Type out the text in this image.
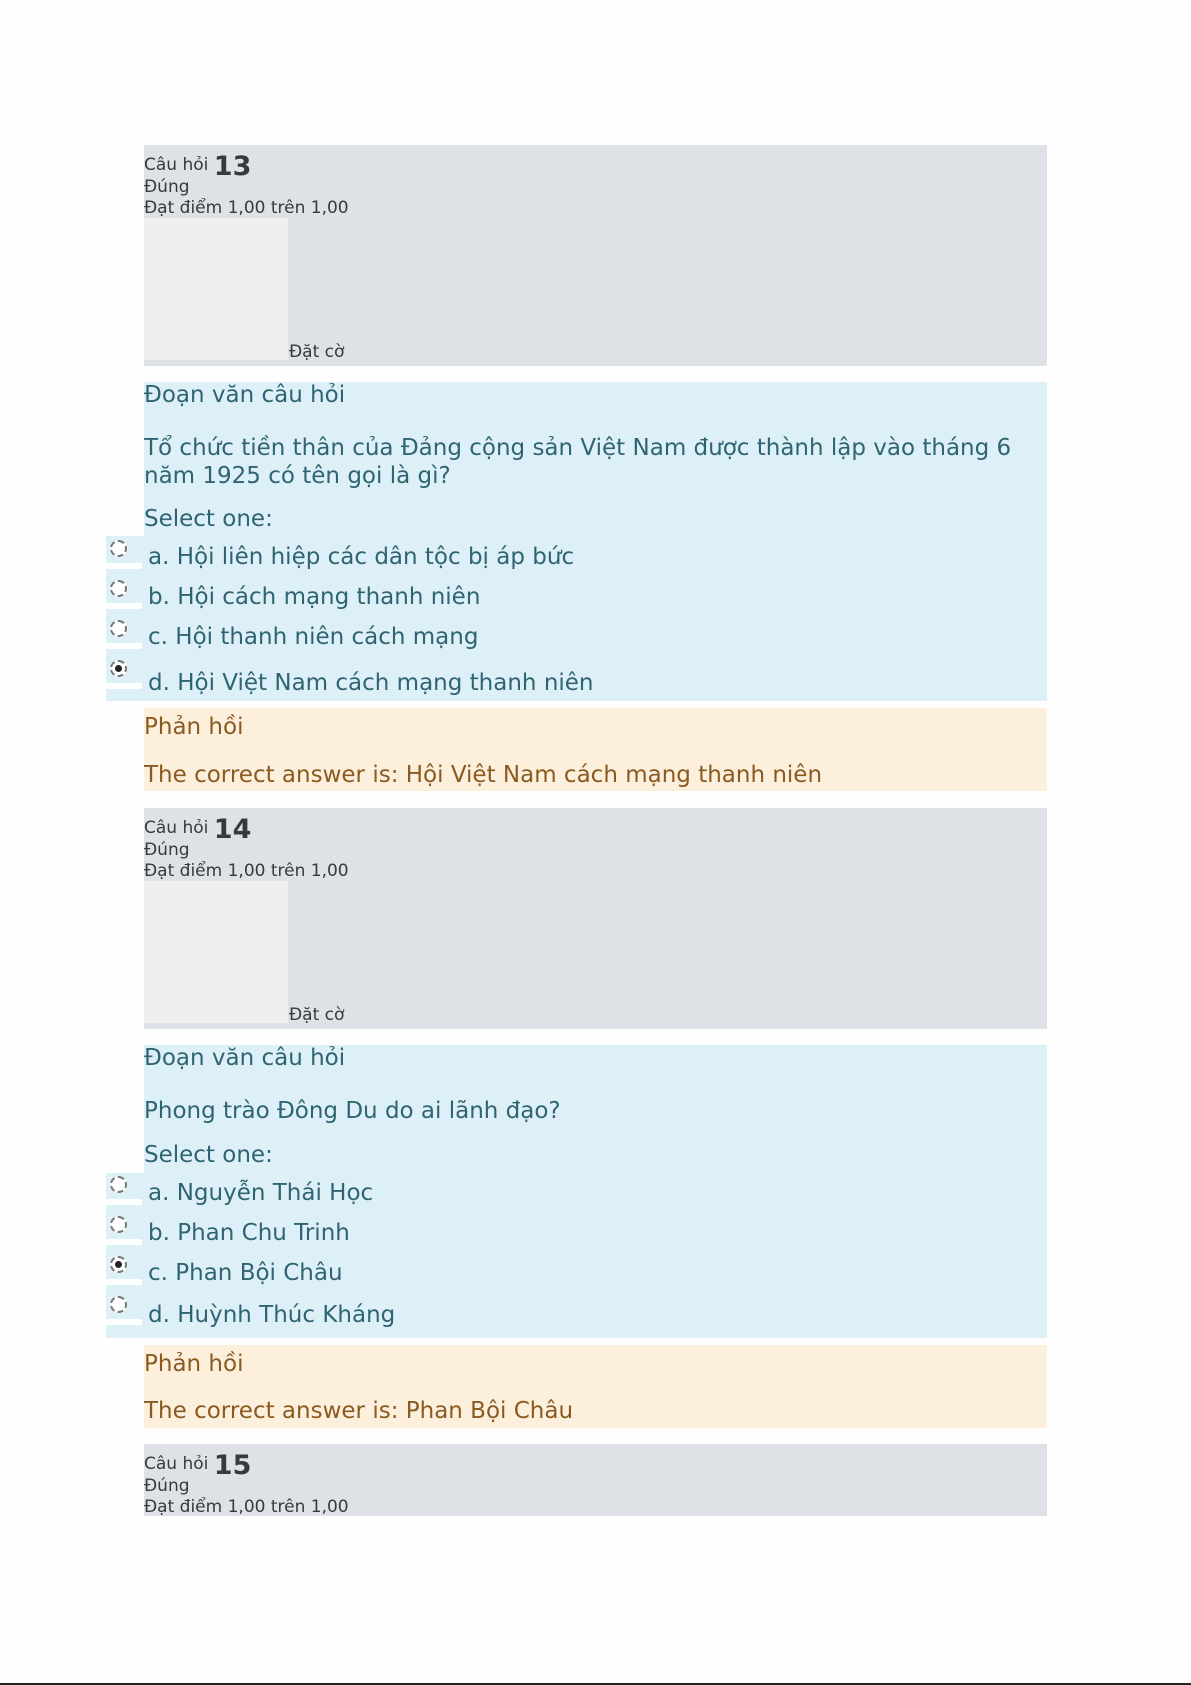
Câu hỏi
13
Đúng
Đạt điểm 1,00 trên 1,00
Đặt cờ
Đoạn văn câu hỏi
Tổ chức tiền thân của Đảng cộng sản Việt Nam được thành lập vào tháng 6 năm 1925 có tên gọi là gì?
Select one:
a. Hội liên hiệp các dân tộc bị áp bức
b. Hội cách mạng thanh niên
c. Hội thanh niên cách mạng
d. Hội Việt Nam cách mạng thanh niên
Phản hồi
The correct answer is: Hội Việt Nam cách mạng thanh niên
Câu hỏi
14
Đúng
Đạt điểm 1,00 trên 1,00
Đặt cờ
Đoạn văn câu hỏi
Phong trào Đông Du do ai lãnh đạo?
Select one:
a. Nguyễn Thái Học
b. Phan Chu Trinh
c. Phan Bội Châu
d. Huỳnh Thúc Kháng
Phản hồi
The correct answer is: Phan Bội Châu
Câu hỏi
15
Đúng
Đạt điểm 1,00 trên 1,00
